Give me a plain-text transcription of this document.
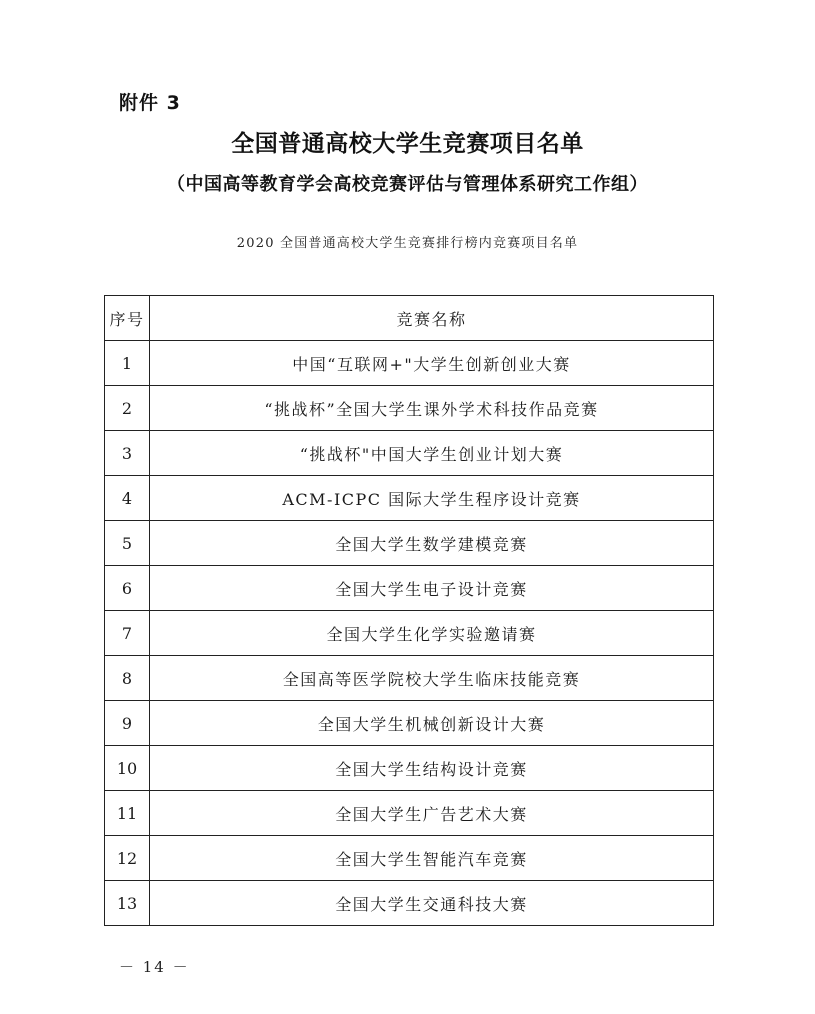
附件 3
全国普通高校大学生竞赛项目名单
（中国高等教育学会高校竞赛评估与管理体系研究工作组）
2020 全国普通高校大学生竞赛排行榜内竞赛项目名单
序号	竞赛名称
1	中国“互联网+"大学生创新创业大赛
2	“挑战杯”全国大学生课外学术科技作品竞赛
3	“挑战杯"中国大学生创业计划大赛
4	ACM-ICPC 国际大学生程序设计竞赛
5	全国大学生数学建模竞赛
6	全国大学生电子设计竞赛
7	全国大学生化学实验邀请赛
8	全国高等医学院校大学生临床技能竞赛
9	全国大学生机械创新设计大赛
10	全国大学生结构设计竞赛
11	全国大学生广告艺术大赛
12	全国大学生智能汽车竞赛
13	全国大学生交通科技大赛
－ 14 －
